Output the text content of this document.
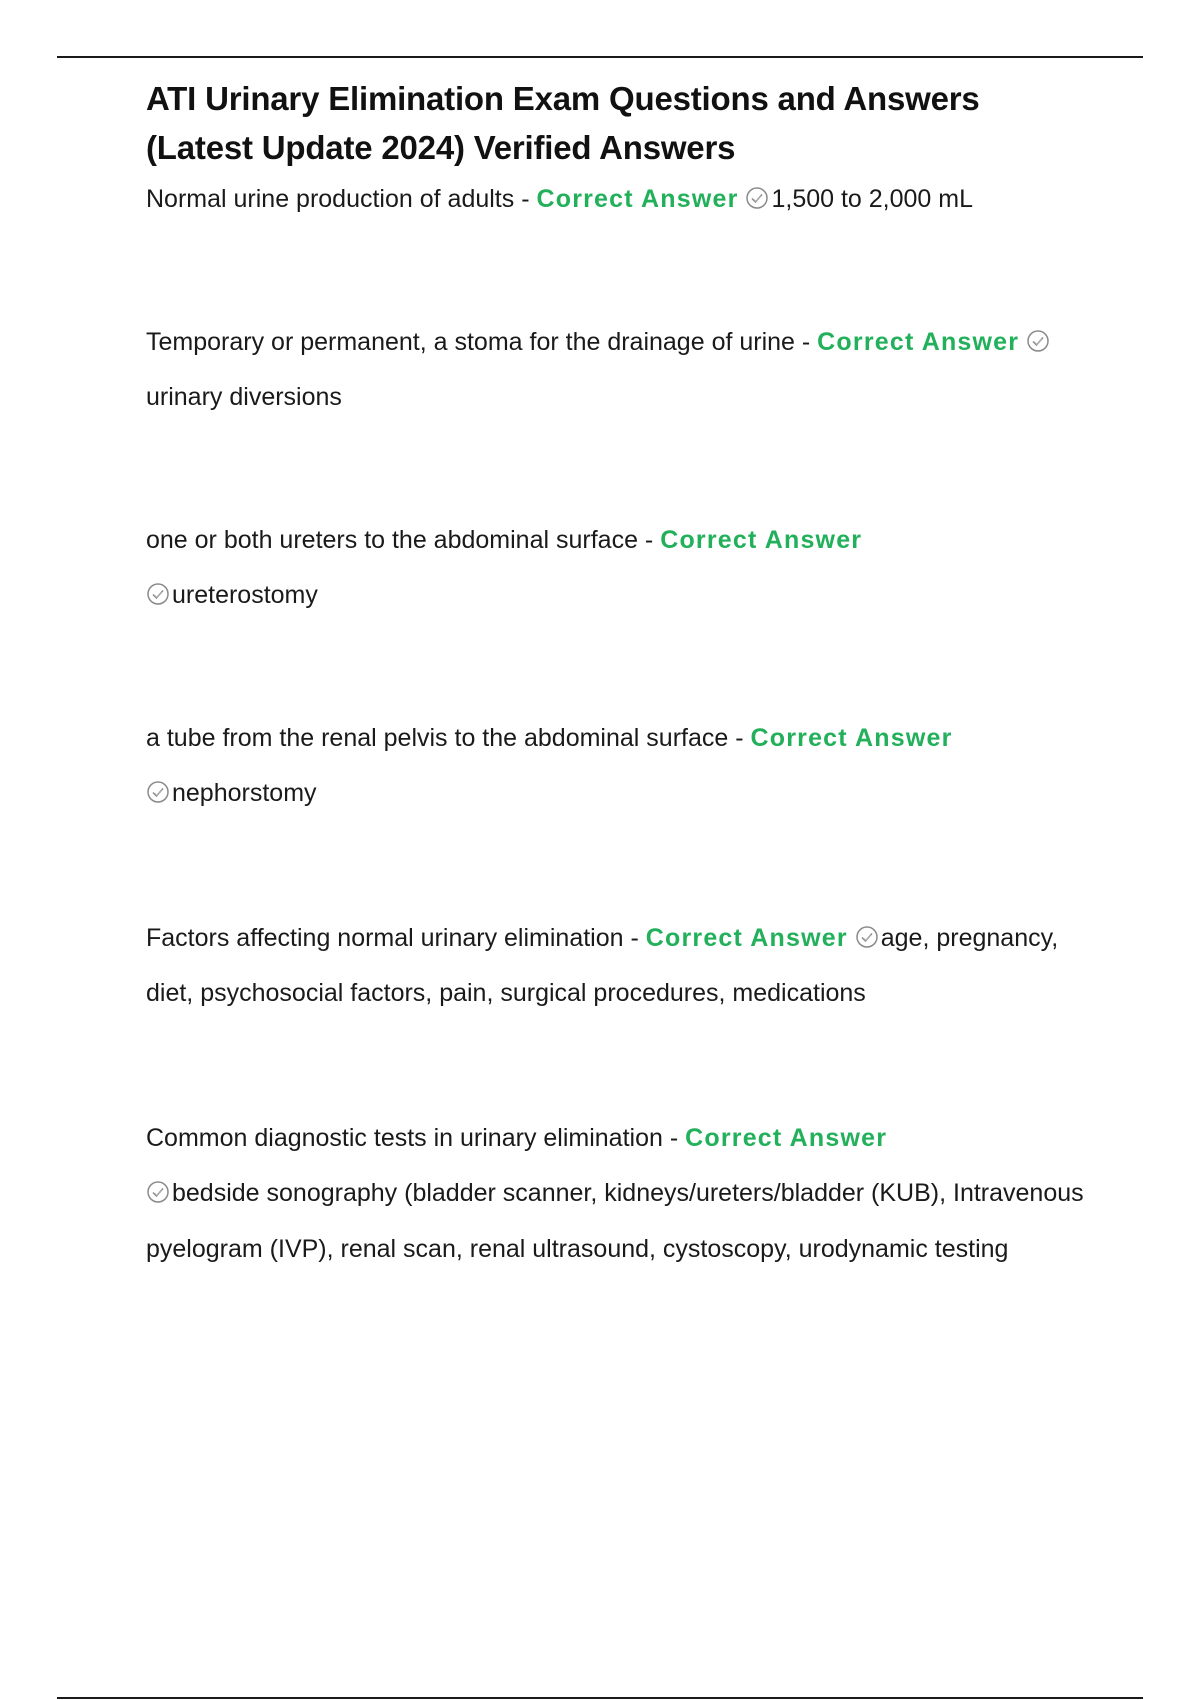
ATI Urinary Elimination Exam Questions and Answers
(Latest Update 2024) Verified Answers

Normal urine production of adults - Correct Answer 1,500 to 2,000 mL

Temporary or permanent, a stoma for the drainage of urine - Correct Answer
urinary diversions

one or both ureters to the abdominal surface - Correct Answer

ureterostomy

a tube from the renal pelvis to the abdominal surface - Correct Answer

nephorstomy

Factors affecting normal urinary elimination - Correct Answer age, pregnancy, diet, psychosocial factors, pain, surgical procedures, medications

Common diagnostic tests in urinary elimination - Correct Answer

bedside sonography (bladder scanner, kidneys/ureters/bladder (KUB), Intravenous pyelogram (IVP), renal scan, renal ultrasound, cystoscopy, urodynamic testing
